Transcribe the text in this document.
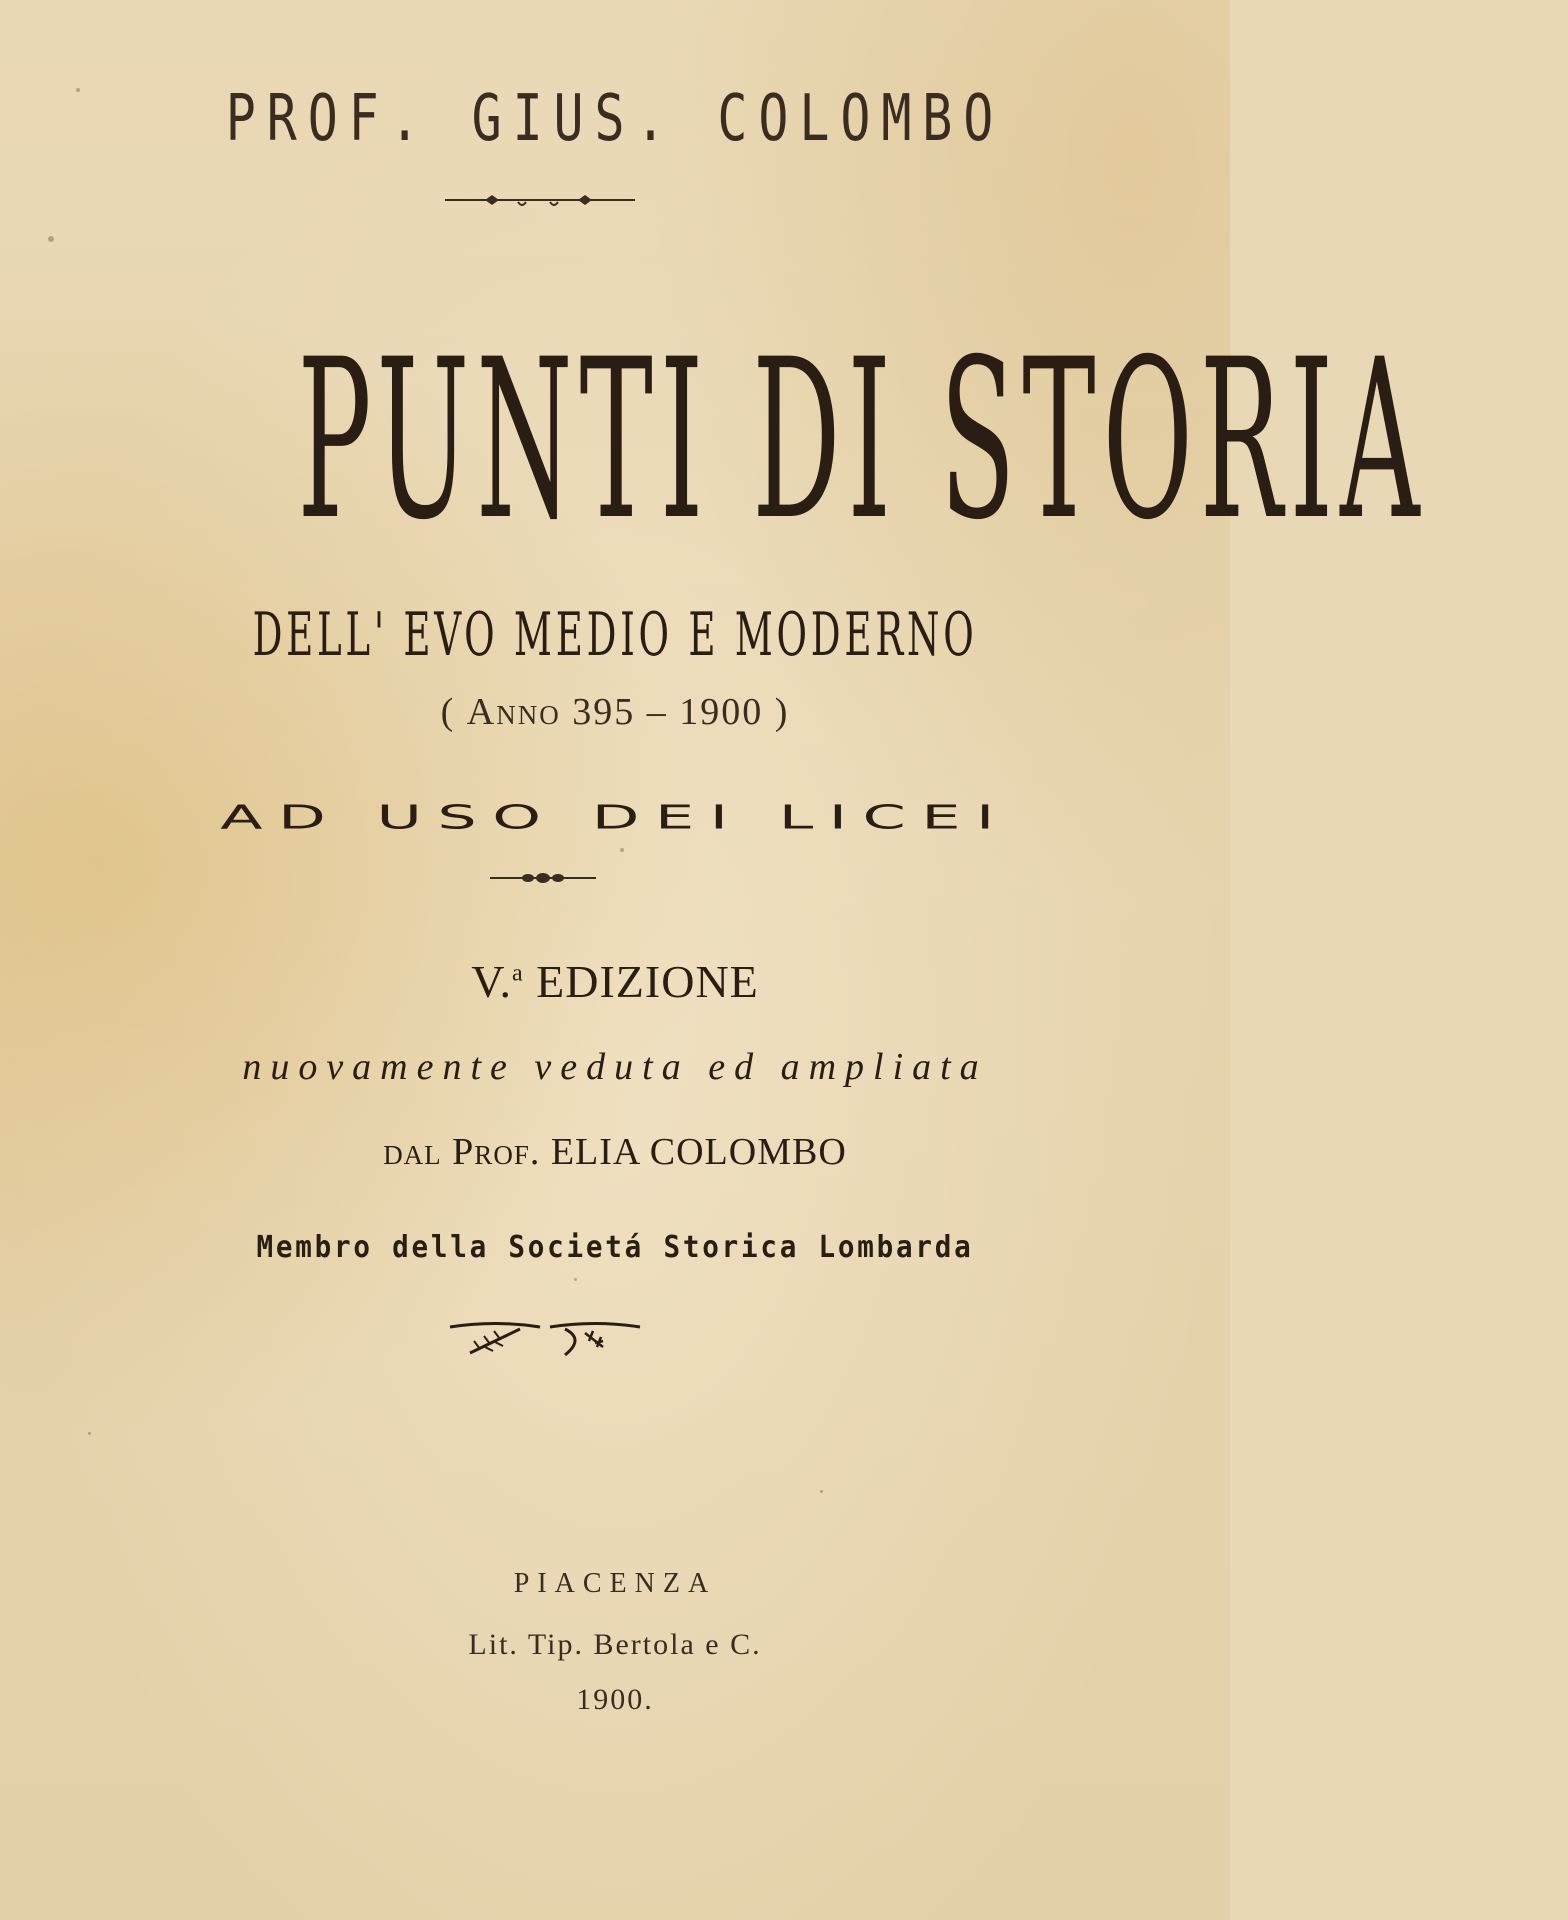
PROF. GIUS. COLOMBO
PUNTI DI STORIA
DELL' EVO MEDIO E MODERNO
( Anno 395 – 1900 )
AD USO DEI LICEI
V.$^a$ EDIZIONE
nuovamente veduta ed ampliata
dal Prof. ELIA COLOMBO
Membro della Societá Storica Lombarda
PIACENZA
Lit. Tip. Bertola e C.
1900.
